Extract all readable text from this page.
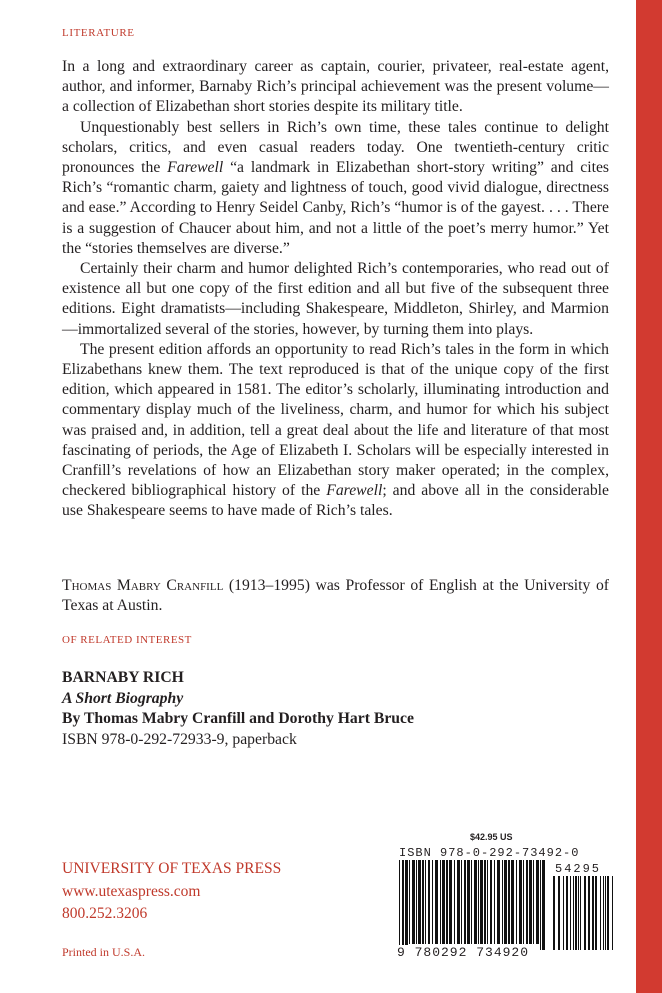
LITERATURE

In a long and extraordinary career as captain, courier, privateer, real-estate agent, author, and informer, Barnaby Rich’s principal achievement was the present volume—a collection of Elizabethan short stories despite its military title.

Unquestionably best sellers in Rich’s own time, these tales continue to delight scholars, critics, and even casual readers today. One twentieth-century critic pronounces the Farewell “a landmark in Elizabethan short-story writing” and cites Rich’s “romantic charm, gaiety and lightness of touch, good vivid dialogue, directness and ease.” According to Henry Seidel Canby, Rich’s “humor is of the gayest. . . . There is a suggestion of Chaucer about him, and not a little of the poet’s merry humor.” Yet the “stories themselves are diverse.”

Certainly their charm and humor delighted Rich’s contemporaries, who read out of existence all but one copy of the first edition and all but five of the subsequent three editions. Eight dramatists—including Shakespeare, Middleton, Shirley, and Marmion—immortalized several of the stories, however, by turning them into plays.

The present edition affords an opportunity to read Rich’s tales in the form in which Elizabethans knew them. The text reproduced is that of the unique copy of the first edition, which appeared in 1581. The editor’s scholarly, illuminating introduction and commentary display much of the liveliness, charm, and humor for which his subject was praised and, in addition, tell a great deal about the life and literature of that most fascinating of periods, the Age of Elizabeth I. Scholars will be especially interested in Cranfill’s revelations of how an Elizabethan story maker operated; in the complex, checkered bibliographical history of the Farewell; and above all in the considerable use Shakespeare seems to have made of Rich’s tales.

Thomas Mabry Cranfill (1913–1995) was Professor of English at the University of Texas at Austin.

OF RELATED INTEREST
BARNABY RICH
A Short Biography
By Thomas Mabry Cranfill and Dorothy Hart Bruce
ISBN 978-0-292-72933-9, paperback
UNIVERSITY OF TEXAS PRESS
www.utexaspress.com
800.252.3206
Printed in U.S.A.
$42.95 US
ISBN 978-0-292-73492-0
54295
9 780292 734920
